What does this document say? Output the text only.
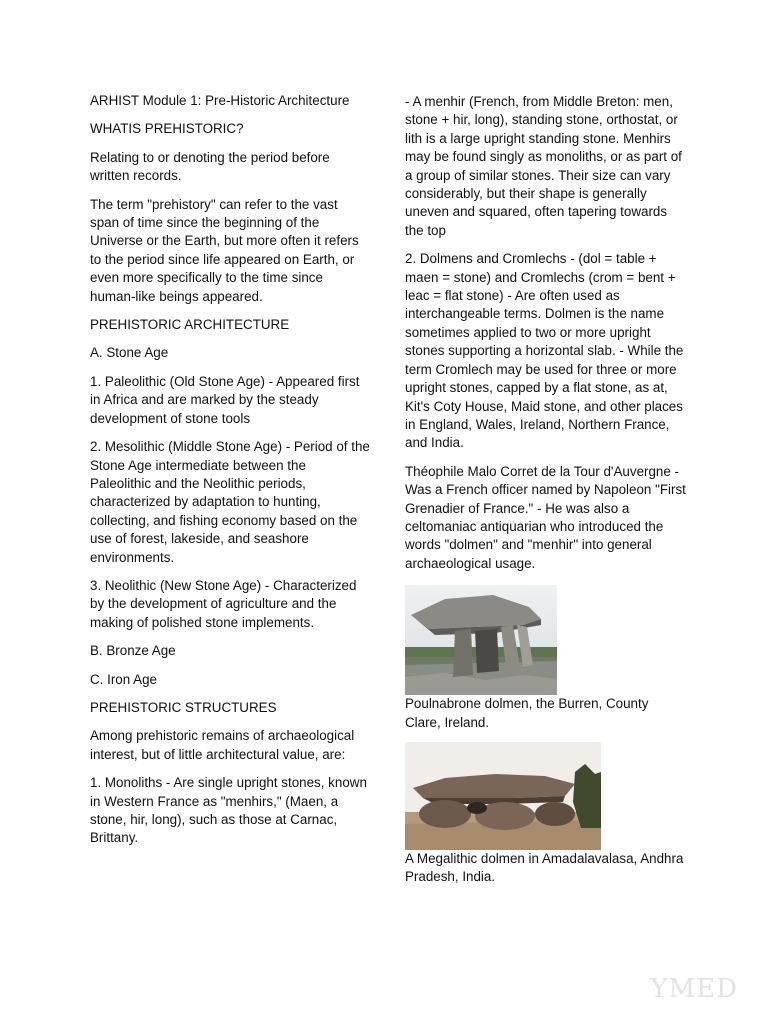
ARHIST Module 1: Pre-Historic Architecture

WHATIS PREHISTORIC?

Relating to or denoting the period before written records.

The term "prehistory" can refer to the vast span of time since the beginning of the Universe or the Earth, but more often it refers to the period since life appeared on Earth, or even more specifically to the time since human-like beings appeared.

PREHISTORIC ARCHITECTURE

A. Stone Age

1. Paleolithic (Old Stone Age) - Appeared first in Africa and are marked by the steady development of stone tools

2. Mesolithic (Middle Stone Age) - Period of the Stone Age intermediate between the Paleolithic and the Neolithic periods, characterized by adaptation to hunting, collecting, and fishing economy based on the use of forest, lakeside, and seashore environments.

3. Neolithic (New Stone Age) - Characterized by the development of agriculture and the making of polished stone implements.

B. Bronze Age

C. Iron Age

PREHISTORIC STRUCTURES

Among prehistoric remains of archaeological interest, but of little architectural value, are:

1. Monoliths - Are single upright stones, known in Western France as "menhirs," (Maen, a stone, hir, long), such as those at Carnac, Brittany.

- A menhir (French, from Middle Breton: men, stone + hir, long), standing stone, orthostat, or lith is a large upright standing stone. Menhirs may be found singly as monoliths, or as part of a group of similar stones. Their size can vary considerably, but their shape is generally uneven and squared, often tapering towards the top

2. Dolmens and Cromlechs - (dol = table + maen = stone) and Cromlechs (crom = bent + leac = flat stone) - Are often used as interchangeable terms. Dolmen is the name sometimes applied to two or more upright stones supporting a horizontal slab. - While the term Cromlech may be used for three or more upright stones, capped by a flat stone, as at, Kit's Coty House, Maid stone, and other places in England, Wales, Ireland, Northern France, and India.

Théophile Malo Corret de la Tour d'Auvergne - Was a French officer named by Napoleon "First Grenadier of France." - He was also a celtomaniac antiquarian who introduced the words "dolmen" and "menhir" into general archaeological usage.

Poulnabrone dolmen, the Burren, County Clare, Ireland.

A Megalithic dolmen in Amadalavalasa, Andhra Pradesh, India.

YMED
